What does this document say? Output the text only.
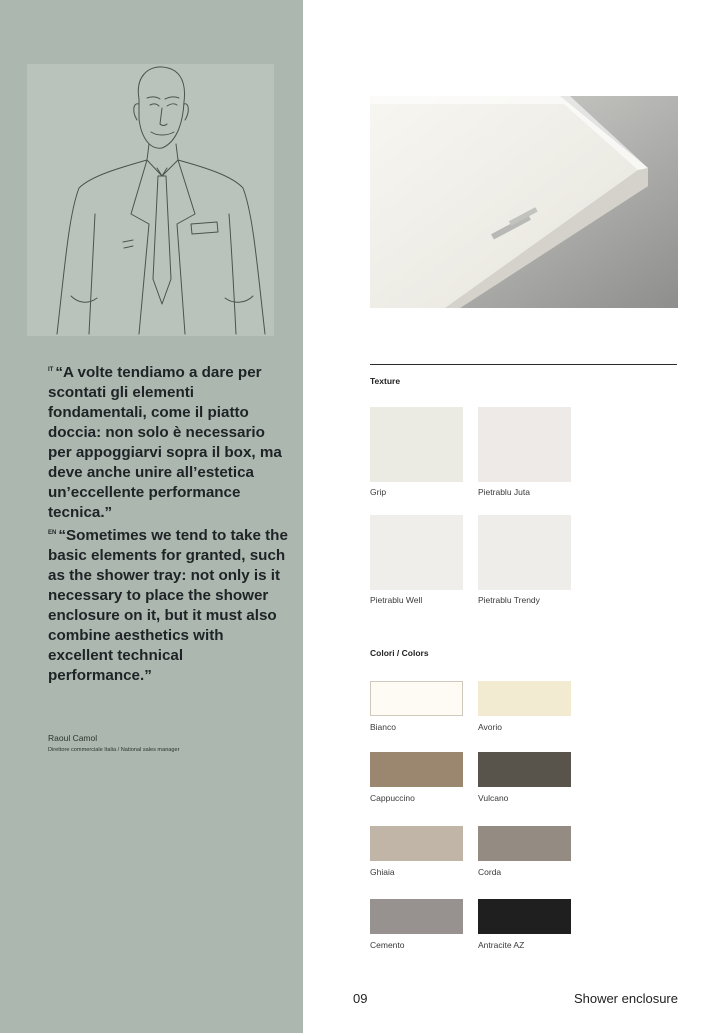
$^{IT}$ “A volte tendiamo a dare per scontati gli elementi fondamentali, come il piatto doccia: non solo è necessario per appoggiarvi sopra il box, ma deve anche unire all’estetica un’eccellente performance tecnica.”

$^{EN}$ “Sometimes we tend to take the basic elements for granted, such as the shower tray: not only is it necessary to place the shower enclosure on it, but it must also combine aesthetics with excellent technical performance.”

Raoul Camol
Direttore commerciale Italia / National sales manager
Texture
Grip	Pietrablu Juta
Pietrablu Well	Pietrablu Trendy
Colori / Colors
Bianco	Avorio
Cappuccino	Vulcano
Ghiaia	Corda
Cemento	Antracite AZ
09	Shower enclosure
